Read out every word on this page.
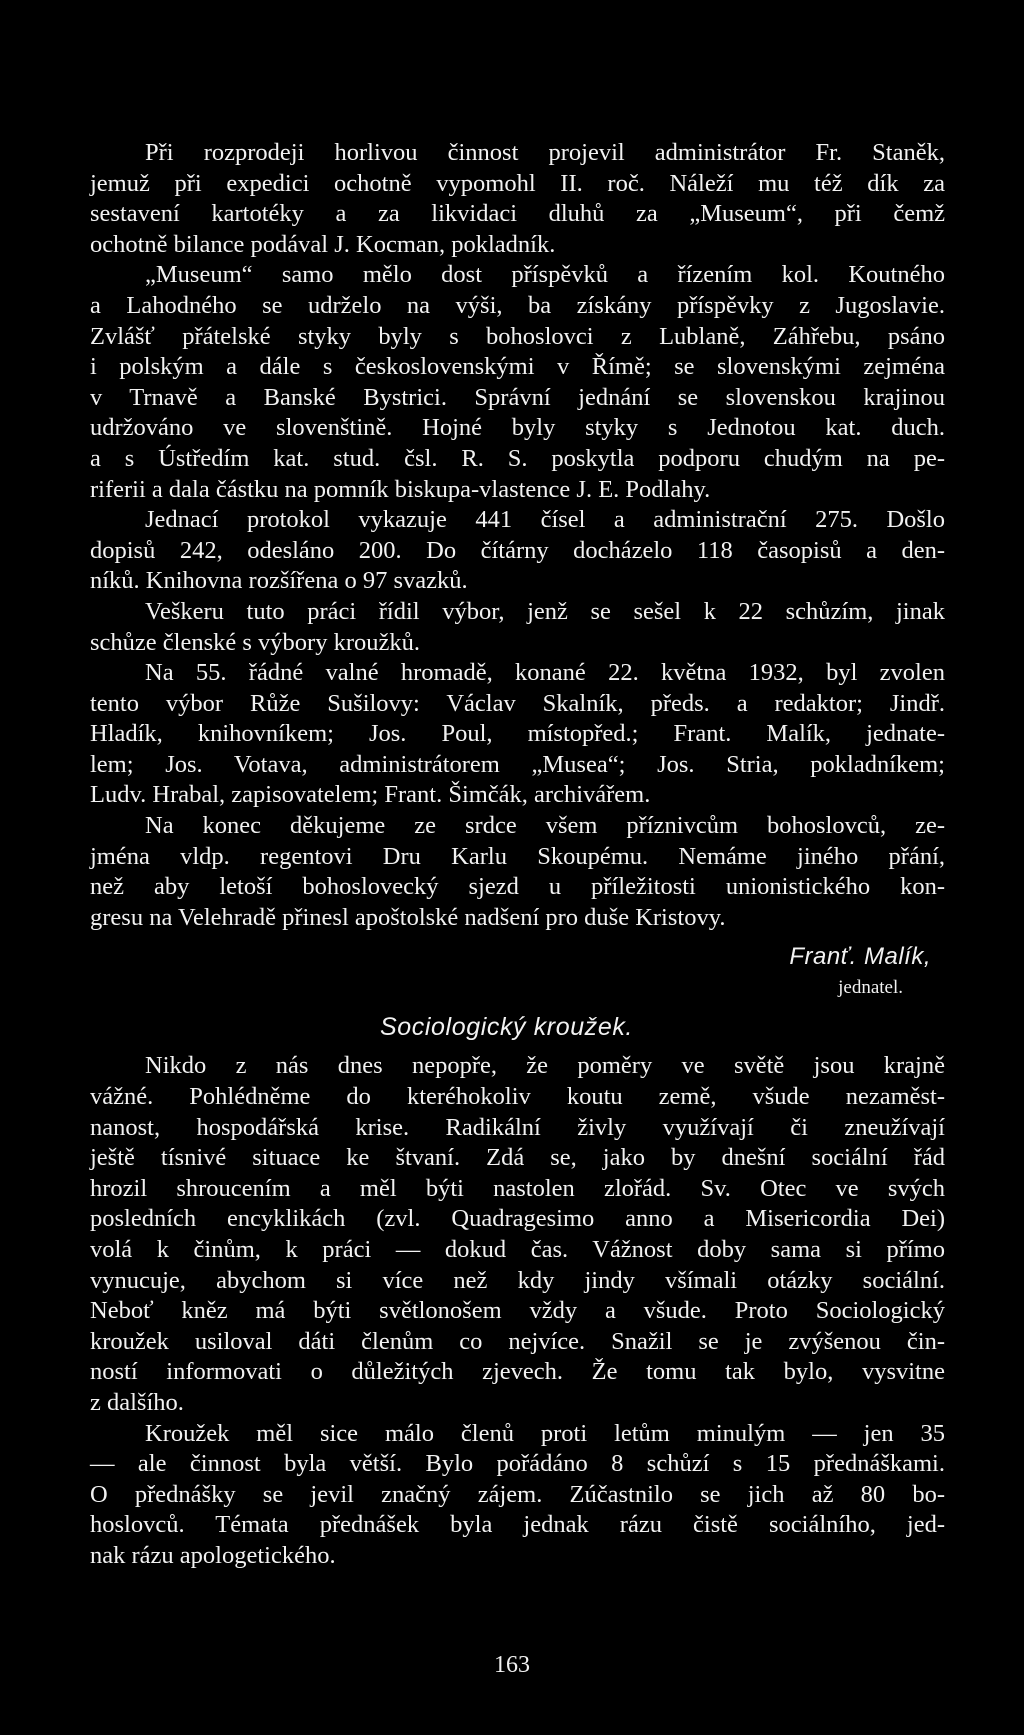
Při rozprodeji horlivou činnost projevil administrátor Fr. Staněk,
jemuž při expedici ochotně vypomohl II. roč. Náleží mu též dík za
sestavení kartotéky a za likvidaci dluhů za „Museum“, při čemž
ochotně bilance podával J. Kocman, pokladník.

„Museum“ samo mělo dost příspěvků a řízením kol. Koutného
a Lahodného se udrželo na výši, ba získány příspěvky z Jugoslavie.
Zvlášť přátelské styky byly s bohoslovci z Lublaně, Záhřebu, psáno
i polským a dále s československými v Římě; se slovenskými zejména
v Trnavě a Banské Bystrici. Správní jednání se slovenskou krajinou
udržováno ve slovenštině. Hojné byly styky s Jednotou kat. duch.
a s Ústředím kat. stud. čsl. R. S. poskytla podporu chudým na pe-
riferii a dala částku na pomník biskupa-vlastence J. E. Podlahy.

Jednací protokol vykazuje 441 čísel a administrační 275. Došlo
dopisů 242, odesláno 200. Do čítárny docházelo 118 časopisů a den-
níků. Knihovna rozšířena o 97 svazků.

Veškeru tuto práci řídil výbor, jenž se sešel k 22 schůzím, jinak
schůze členské s výbory kroužků.

Na 55. řádné valné hromadě, konané 22. května 1932, byl zvolen
tento výbor Růže Sušilovy: Václav Skalník, předs. a redaktor; Jindř.
Hladík, knihovníkem; Jos. Poul, místopřed.; Frant. Malík, jednate-
lem; Jos. Votava, administrátorem „Musea“; Jos. Stria, pokladníkem;
Ludv. Hrabal, zapisovatelem; Frant. Šimčák, archivářem.

Na konec děkujeme ze srdce všem příznivcům bohoslovců, ze-
jména vldp. regentovi Dru Karlu Skoupému. Nemáme jiného přání,
než aby letoší bohoslovecký sjezd u příležitosti unionistického kon-
gresu na Velehradě přinesl apoštolské nadšení pro duše Kristovy.

Franť. Malík,
jednatel.
Sociologický kroužek.

Nikdo z nás dnes nepopře, že poměry ve světě jsou krajně
vážné. Pohlédněme do kteréhokoliv koutu země, všude nezaměst-
nanost, hospodářská krise. Radikální živly využívají či zneužívají
ještě tísnivé situace ke štvaní. Zdá se, jako by dnešní sociální řád
hrozil shroucením a měl býti nastolen zlořád. Sv. Otec ve svých
posledních encyklikách (zvl. Quadragesimo anno a Misericordia Dei)
volá k činům, k práci — dokud čas. Vážnost doby sama si přímo
vynucuje, abychom si více než kdy jindy všímali otázky sociální.
Neboť kněz má býti světlonošem vždy a všude. Proto Sociologický
kroužek usiloval dáti členům co nejvíce. Snažil se je zvýšenou čin-
ností informovati o důležitých zjevech. Že tomu tak bylo, vysvitne
z dalšího.

Kroužek měl sice málo členů proti letům minulým — jen 35
— ale činnost byla větší. Bylo pořádáno 8 schůzí s 15 přednáškami.
O přednášky se jevil značný zájem. Zúčastnilo se jich až 80 bo-
hoslovců. Témata přednášek byla jednak rázu čistě sociálního, jed-
nak rázu apologetického.

163
